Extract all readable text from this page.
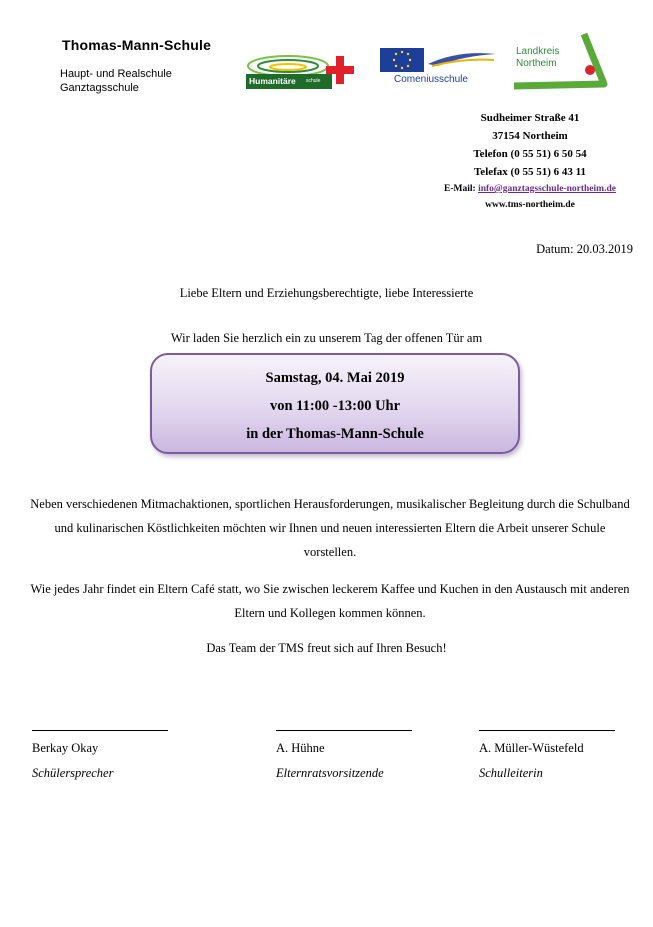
Thomas-Mann-Schule
Haupt- und Realschule
Ganztagsschule
Humanitäre schule	Comeniusschule
Landkreis
Northeim
Sudheimer Straße 41
37154 Northeim
Telefon (0 55 51) 6 50 54
Telefax (0 55 51) 6 43 11
E-Mail: info@ganztagsschule-northeim.de
www.tms-northeim.de
Datum: 20.03.2019
Liebe Eltern und Erziehungsberechtigte, liebe Interessierte
Wir laden Sie herzlich ein zu unserem Tag der offenen Tür am
Samstag, 04. Mai 2019
von 11:00 -13:00 Uhr
in der Thomas-Mann-Schule
Neben verschiedenen Mitmachaktionen, sportlichen Herausforderungen, musikalischer Begleitung durch die Schulband und kulinarischen Köstlichkeiten möchten wir Ihnen und neuen interessierten Eltern die Arbeit unserer Schule vorstellen.
Wie jedes Jahr findet ein Eltern Café statt, wo Sie zwischen leckerem Kaffee und Kuchen in den Austausch mit anderen Eltern und Kollegen kommen können.
Das Team der TMS freut sich auf Ihren Besuch!
Berkay Okay	A. Hühne	A. Müller-Wüstefeld
Schülersprecher	Elternratsvorsitzende	Schulleiterin
